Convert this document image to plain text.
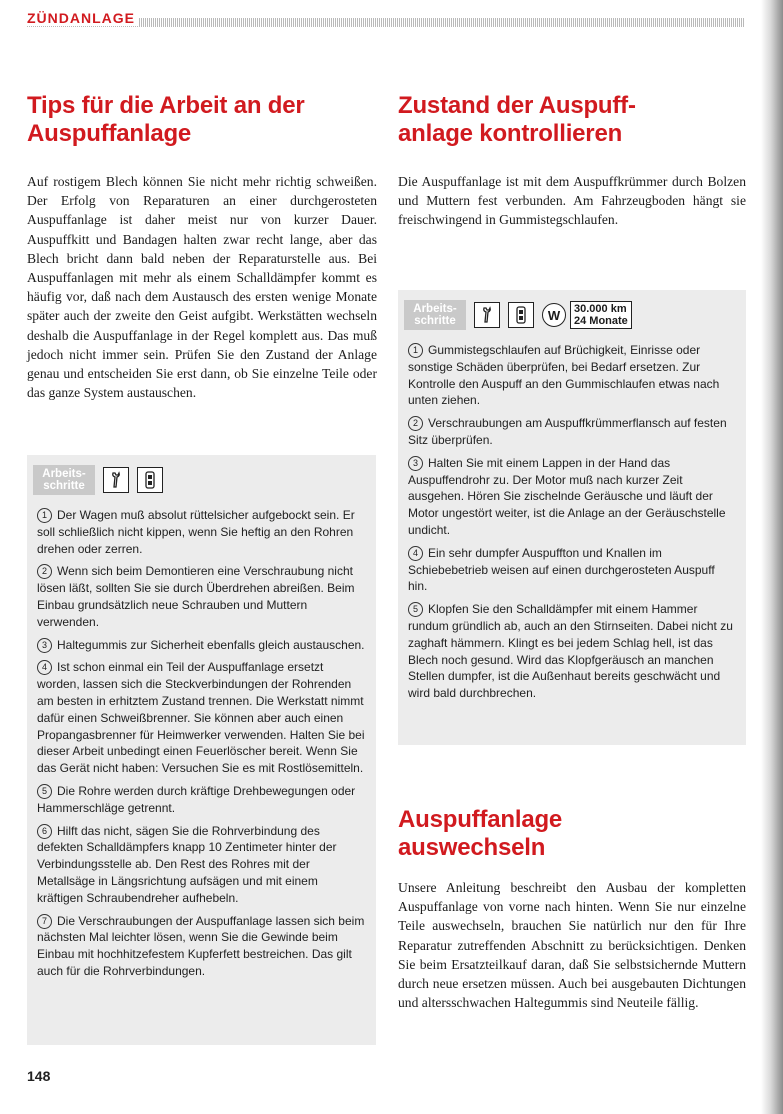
ZÜNDANLAGE
Tips für die Arbeit an der
Auspuffanlage

Auf rostigem Blech können Sie nicht mehr richtig schweißen. Der Erfolg von Reparaturen an einer durchgerosteten Auspuffanlage ist daher meist nur von kurzer Dauer. Auspuffkitt und Bandagen halten zwar recht lange, aber das Blech bricht dann bald neben der Reparaturstelle aus. Bei Auspuffanlagen mit mehr als einem Schalldämpfer kommt es häufig vor, daß nach dem Austausch des ersten wenige Monate später auch der zweite den Geist aufgibt. Werkstätten wechseln deshalb die Auspuffanlage in der Regel komplett aus. Das muß jedoch nicht immer sein. Prüfen Sie den Zustand der Anlage genau und entscheiden Sie erst dann, ob Sie einzelne Teile oder das ganze System austauschen.

Arbeits-
schritte

1 Der Wagen muß absolut rüttelsicher aufgebockt sein. Er soll schließlich nicht kippen, wenn Sie heftig an den Rohren drehen oder zerren.

2 Wenn sich beim Demontieren eine Verschraubung nicht lösen läßt, sollten Sie sie durch Überdrehen abreißen. Beim Einbau grundsätzlich neue Schrauben und Muttern verwenden.

3 Haltegummis zur Sicherheit ebenfalls gleich austauschen.

4 Ist schon einmal ein Teil der Auspuffanlage ersetzt worden, lassen sich die Steckverbindungen der Rohrenden am besten in erhitztem Zustand trennen. Die Werkstatt nimmt dafür einen Schweißbrenner. Sie können aber auch einen Propangasbrenner für Heimwerker verwenden. Halten Sie bei dieser Arbeit unbedingt einen Feuerlöscher bereit. Wenn Sie das Gerät nicht haben: Versuchen Sie es mit Rostlösemitteln.

5 Die Rohre werden durch kräftige Drehbewegungen oder Hammerschläge getrennt.

6 Hilft das nicht, sägen Sie die Rohrverbindung des defekten Schalldämpfers knapp 10 Zentimeter hinter der Verbindungsstelle ab. Den Rest des Rohres mit der Metallsäge in Längsrichtung aufsägen und mit einem kräftigen Schraubendreher aufhebeln.

7 Die Verschraubungen der Auspuffanlage lassen sich beim nächsten Mal leichter lösen, wenn Sie die Gewinde beim Einbau mit hochhitzefestem Kupferfett bestreichen. Das gilt auch für die Rohrverbindungen.

Zustand der Auspuff-
anlage kontrollieren

Die Auspuffanlage ist mit dem Auspuffkrümmer durch Bolzen und Muttern fest verbunden. Am Fahrzeugboden hängt sie freischwingend in Gummistegschlaufen.

Arbeits-
schritte	W	30.000 km
24 Monate

1 Gummistegschlaufen auf Brüchigkeit, Einrisse oder sonstige Schäden überprüfen, bei Bedarf ersetzen. Zur Kontrolle den Auspuff an den Gummischlaufen etwas nach unten ziehen.

2 Verschraubungen am Auspuffkrümmerflansch auf festen Sitz überprüfen.

3 Halten Sie mit einem Lappen in der Hand das Auspuffendrohr zu. Der Motor muß nach kurzer Zeit ausgehen. Hören Sie zischelnde Geräusche und läuft der Motor ungestört weiter, ist die Anlage an der Geräuschstelle undicht.

4 Ein sehr dumpfer Auspuffton und Knallen im Schiebebetrieb weisen auf einen durchgerosteten Auspuff hin.

5 Klopfen Sie den Schalldämpfer mit einem Hammer rundum gründlich ab, auch an den Stirnseiten. Dabei nicht zu zaghaft hämmern. Klingt es bei jedem Schlag hell, ist das Blech noch gesund. Wird das Klopfgeräusch an manchen Stellen dumpfer, ist die Außenhaut bereits geschwächt und wird bald durchbrechen.

Auspuffanlage
auswechseln

Unsere Anleitung beschreibt den Ausbau der kompletten Auspuffanlage von vorne nach hinten. Wenn Sie nur einzelne Teile auswechseln, brauchen Sie natürlich nur den für Ihre Reparatur zutreffenden Abschnitt zu berücksichtigen. Denken Sie beim Ersatzteilkauf daran, daß Sie selbstsichernde Muttern durch neue ersetzen müssen. Auch bei ausgebauten Dichtungen und altersschwachen Haltegummis sind Neuteile fällig.

148
